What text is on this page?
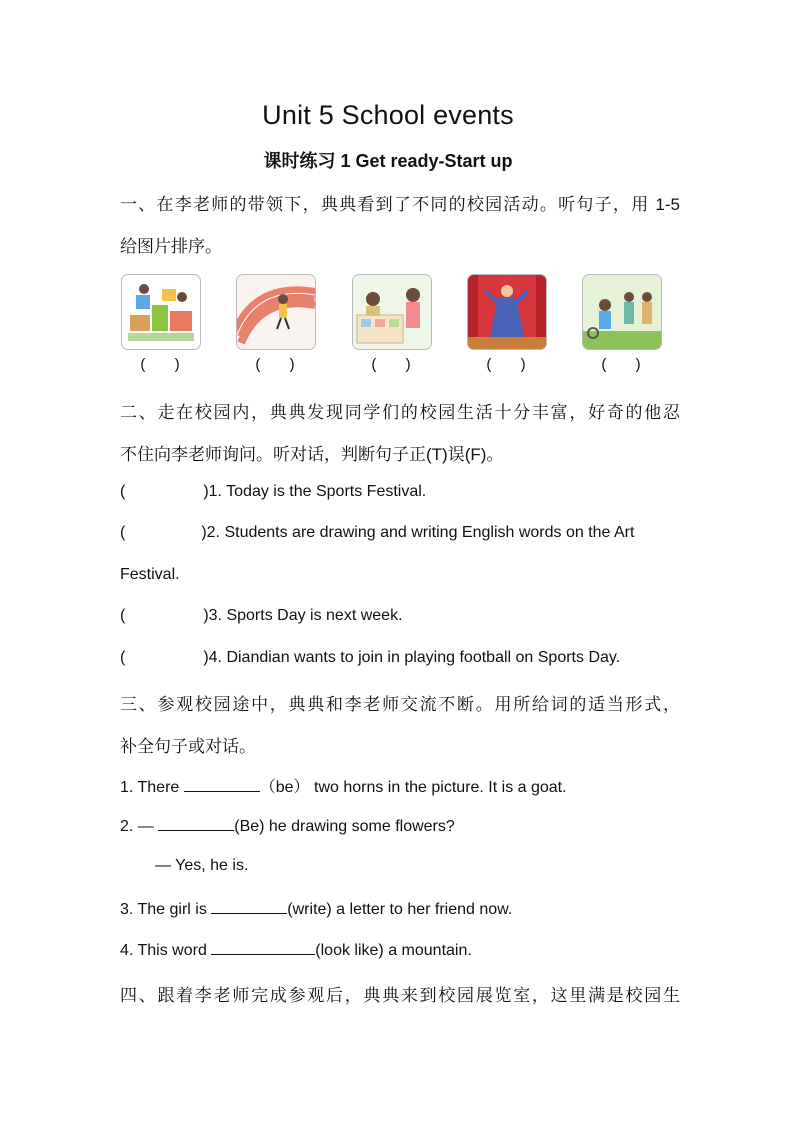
Unit 5 School events
课时练习 1 Get ready-Start up
一、在李老师的带领下，典典看到了不同的校园活动。听句子，用 1-5
给图片排序。
(       )	(       )	(       )	(       )	(       )
二、走在校园内，典典发现同学们的校园生活十分丰富，好奇的他忍
不住向李老师询问。听对话，判断句子正(T)误(F)。
(	)1. Today is the Sports Festival.
(	)2. Students are drawing and writing English words on the Art
Festival.
(	)3. Sports Day is next week.
(	)4. Diandian wants to join in playing football on Sports Day.
三、参观校园途中，典典和李老师交流不断。用所给词的适当形式，
补全句子或对话。
1. There	（be） two horns in the picture. It is a goat.
2. —	(Be) he drawing some flowers?
— Yes, he is.
3. The girl is	(write) a letter to her friend now.
4. This word	(look like) a mountain.
四、跟着李老师完成参观后，典典来到校园展览室，这里满是校园生
